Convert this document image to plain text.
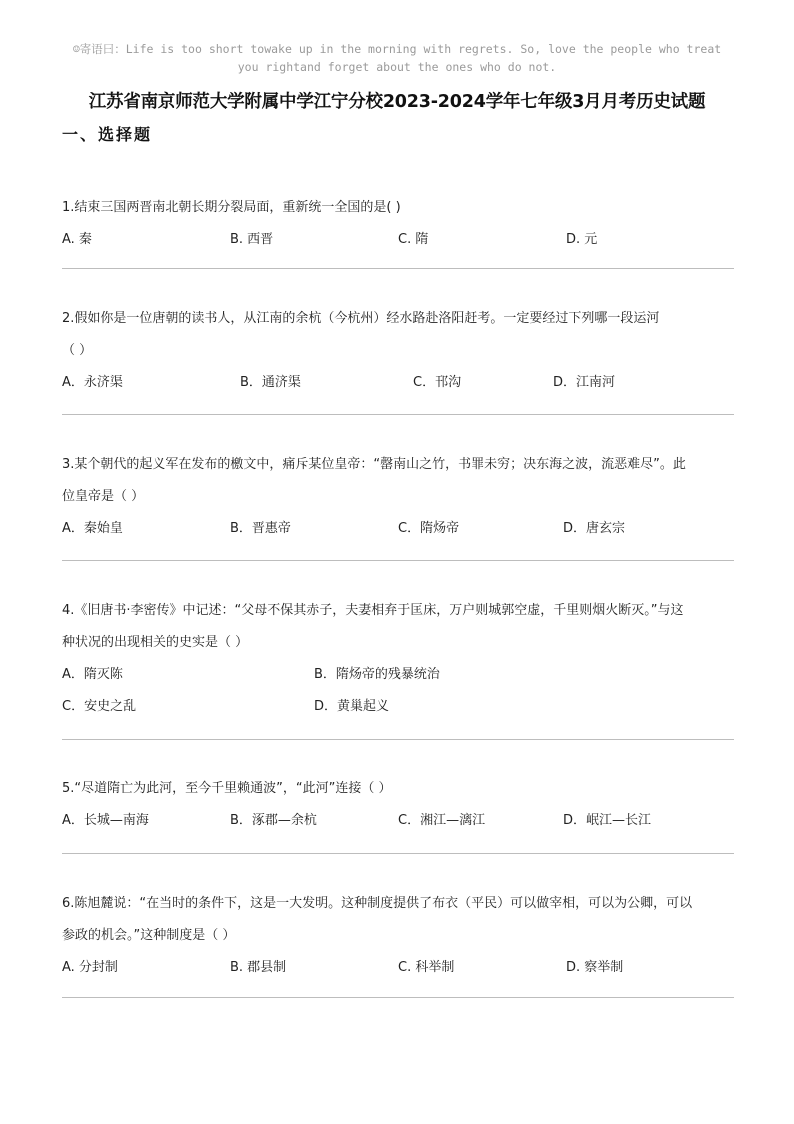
☺寄语曰：Life is too short towake up in the morning with regrets. So, love the people who treat
you rightand forget about the ones who do not.
江苏省南京师范大学附属中学江宁分校2023-2024学年七年级3月月考历史试题
一、选择题
1.结束三国两晋南北朝长期分裂局面，重新统一全国的是( )
A. 秦	B. 西晋	C. 隋	D. 元
2.假如你是一位唐朝的读书人，从江南的余杭（今杭州）经水路赴洛阳赶考。一定要经过下列哪一段运河
（ ）
A．永济渠	B．通济渠	C．邗沟	D．江南河
3.某个朝代的起义军在发布的檄文中，痛斥某位皇帝：“罄南山之竹，书罪未穷；决东海之波，流恶难尽”。此
位皇帝是（ ）
A．秦始皇	B．晋惠帝	C．隋炀帝	D．唐玄宗
4.《旧唐书·李密传》中记述：“父母不保其赤子，夫妻相弃于匡床，万户则城郭空虚，千里则烟火断灭。”与这
种状况的出现相关的史实是（ ）
A．隋灭陈	B．隋炀帝的残暴统治
C．安史之乱	D．黄巢起义
5.“尽道隋亡为此河，至今千里赖通波”，“此河”连接（ ）
A．长城—南海	B．涿郡—余杭	C．湘江—漓江	D．岷江—长江
6.陈旭麓说：“在当时的条件下，这是一大发明。这种制度提供了布衣（平民）可以做宰相，可以为公卿，可以
参政的机会。”这种制度是（ ）
A. 分封制	B. 郡县制	C. 科举制	D. 察举制
